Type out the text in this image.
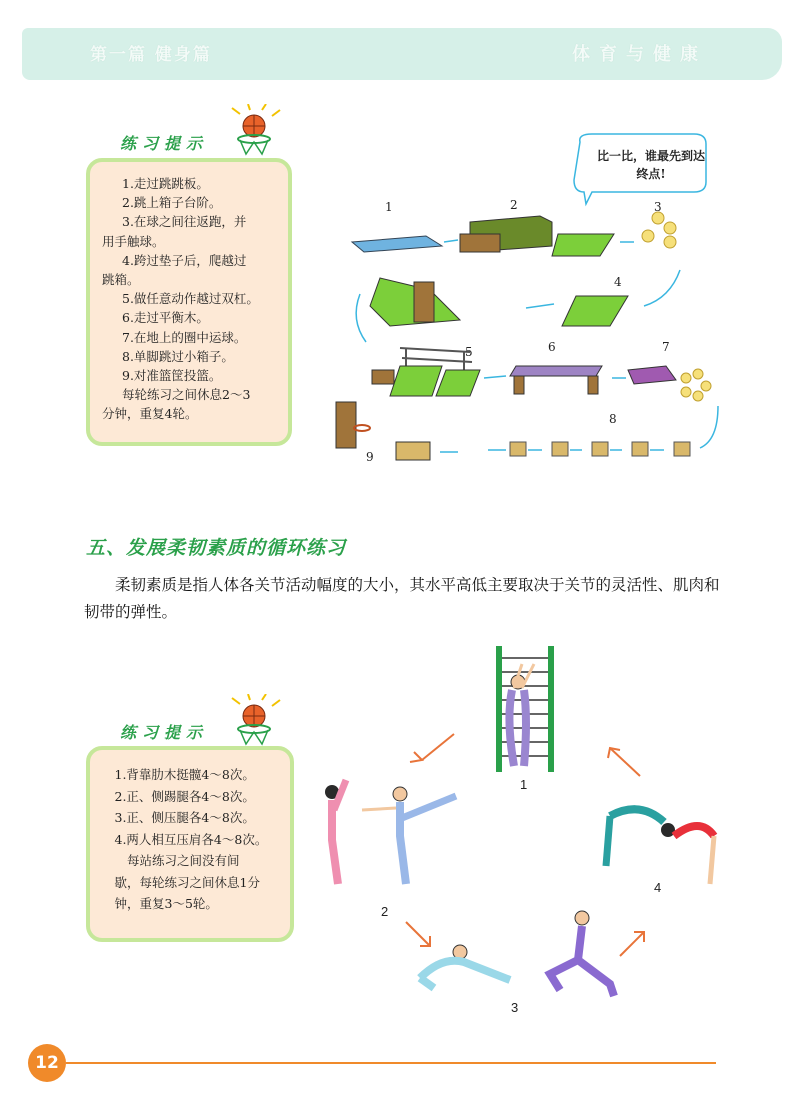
第一篇 健身篇	体育与健康
练习提示

1.走过跳跳板。

2.跳上箱子台阶。

3.在球之间往返跑，并

用手触球。

4.跨过垫子后，爬越过

跳箱。

5.做任意动作越过双杠。

6.走过平衡木。

7.在地上的圈中运球。

8.单脚跳过小箱子。

9.对准篮筐投篮。

每轮练习之间休息2～3

分钟，重复4轮。

比一比，谁最先到达终点!
1	2	3
4
5	6	7
8
9
五、发展柔韧素质的循环练习
柔韧素质是指人体各关节活动幅度的大小，其水平高低主要取决于关节的灵活性、肌肉和韧带的弹性。
练习提示

1.背靠肋木挺髋4～8次。

2.正、侧踢腿各4～8次。

3.正、侧压腿各4～8次。

4.两人相互压肩各4～8次。

每站练习之间没有间

歇，每轮练习之间休息1分

钟，重复3～5轮。

1
2
3
4
12
